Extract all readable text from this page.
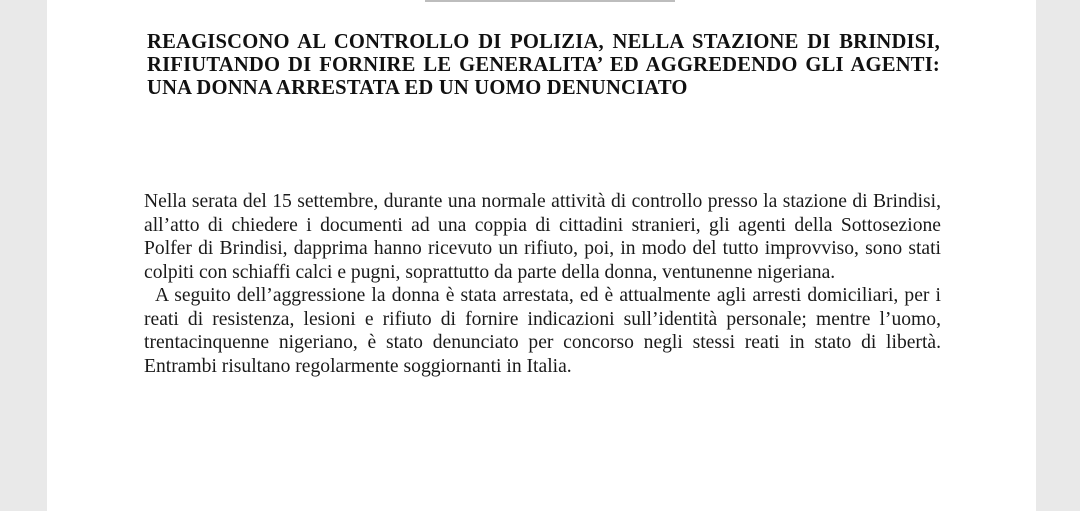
REAGISCONO AL CONTROLLO DI POLIZIA, NELLA STAZIONE DI BRINDISI, RIFIUTANDO DI FORNIRE LE GENERALITA’ ED AGGREDENDO GLI AGENTI: UNA DONNA ARRESTATA ED UN UOMO DENUNCIATO

Nella serata del 15 settembre, durante una normale attività di controllo presso la stazione di Brindisi, all’atto di chiedere i documenti ad una coppia di cittadini stranieri, gli agenti della Sottosezione Polfer di Brindisi, dapprima hanno ricevuto un rifiuto, poi, in modo del tutto improvviso, sono stati colpiti con schiaffi calci e pugni, soprattutto da parte della donna, ventunenne nigeriana.

A seguito dell’aggressione la donna è stata arrestata, ed è attualmente agli arresti domiciliari, per i reati di resistenza, lesioni e rifiuto di fornire indicazioni sull’identità personale; mentre l’uomo, trentacinquenne nigeriano, è stato denunciato per concorso negli stessi reati in stato di libertà. Entrambi risultano regolarmente soggiornanti in Italia.
